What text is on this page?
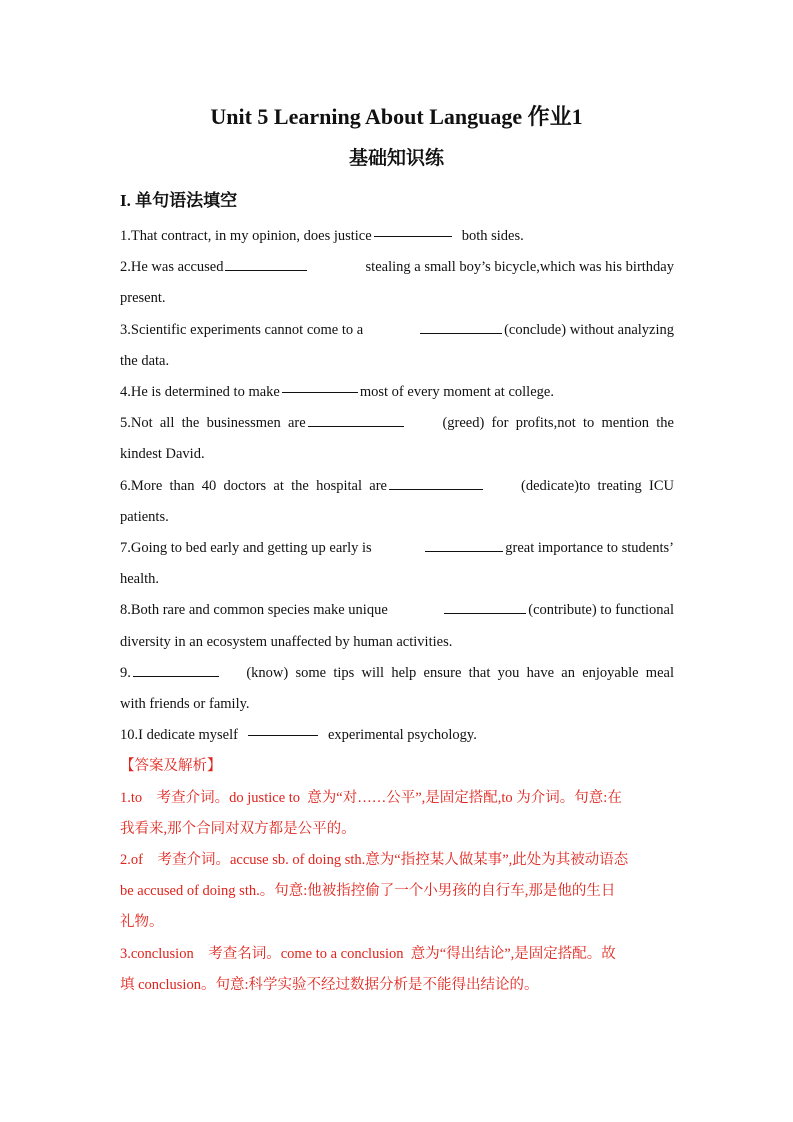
Unit 5 Learning About Language 作业1
基础知识练
I. 单句语法填空
1.That contract, in my opinion, does justice	both sides.
2.He was accused	stealing a small boy’s bicycle,which was his birthday
present.
3.Scientific experiments cannot come to a	(conclude) without analyzing
the data.
4.He is determined to make	most of every moment at college.
5.Not  all  the  businessmen  are	(greed)  for  profits,not  to  mention  the
kindest David.
6.More  than  40  doctors  at  the  hospital  are	(dedicate)to  treating  ICU
patients.
7.Going to bed early and getting up early is	great importance to students’
health.
8.Both rare and common species make unique	(contribute) to functional
diversity in an ecosystem unaffected by human activities.
9.	(know)  some  tips  will  help  ensure  that  you  have  an  enjoyable  meal
with friends or family.
10.I dedicate myself	experimental psychology.
【答案及解析】
1.to    考查介词。do justice to  意为“对……公平”,是固定搭配,to 为介词。句意:在
我看来,那个合同对双方都是公平的。
2.of    考查介词。accuse sb. of doing sth.意为“指控某人做某事”,此处为其被动语态
be accused of doing sth.。句意:他被指控偷了一个小男孩的自行车,那是他的生日
礼物。
3.conclusion    考查名词。come to a conclusion  意为“得出结论”,是固定搭配。故
填 conclusion。句意:科学实验不经过数据分析是不能得出结论的。
